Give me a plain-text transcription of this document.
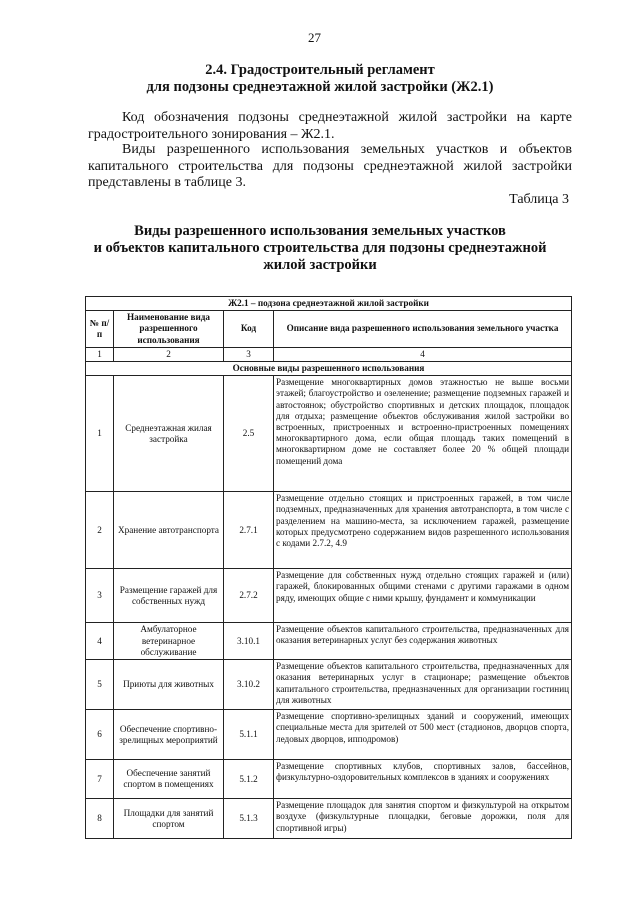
27
2.4. Градостроительный регламент
для подзоны среднеэтажной жилой застройки (Ж2.1)
Код обозначения подзоны среднеэтажной жилой застройки на карте градостроительного зонирования – Ж2.1.
Виды разрешенного использования земельных участков и объектов капитального строительства для подзоны среднеэтажной жилой застройки представлены в таблице 3.
Таблица 3
Виды разрешенного использования земельных участков
и объектов капитального строительства для подзоны среднеэтажной
жилой застройки
Ж2.1 – подзона среднеэтажной жилой застройки			
№ п/п	Наименование вида разрешенного использования	Код	Описание вида разрешенного использования земельного участка
1	2	3	4
Основные виды разрешенного использования			
1	Среднеэтажная жилая застройка	2.5	Размещение многоквартирных домов этажностью не выше восьми этажей; благоустройство и озеленение; размещение подземных гаражей и автостоянок; обустройство спортивных и детских площадок, площадок для отдыха; размещение объектов обслуживания жилой застройки во встроенных, пристроенных и встроенно-пристроенных помещениях многоквартирного дома, если общая площадь таких помещений в многоквартирном доме не составляет более 20 % общей площади помещений дома
2	Хранение автотранспорта	2.7.1	Размещение отдельно стоящих и пристроенных гаражей, в том числе подземных, предназначенных для хранения автотранспорта, в том числе с разделением на машино-места, за исключением гаражей, размещение которых предусмотрено содержанием видов разрешенного использования с кодами 2.7.2, 4.9
3	Размещение гаражей для собственных нужд	2.7.2	Размещение для собственных нужд отдельно стоящих гаражей и (или) гаражей, блокированных общими стенами с другими гаражами в одном ряду, имеющих общие с ними крышу, фундамент и коммуникации
4	Амбулаторное ветеринарное обслуживание	3.10.1	Размещение объектов капитального строительства, предназначенных для оказания ветеринарных услуг без содержания животных
5	Приюты для животных	3.10.2	Размещение объектов капитального строительства, предназначенных для оказания ветеринарных услуг в стационаре; размещение объектов капитального строительства, предназначенных для организации гостиниц для животных
6	Обеспечение спортивно-зрелищных мероприятий	5.1.1	Размещение спортивно-зрелищных зданий и сооружений, имеющих специальные места для зрителей от 500 мест (стадионов, дворцов спорта, ледовых дворцов, ипподромов)
7	Обеспечение занятий спортом в помещениях	5.1.2	Размещение спортивных клубов, спортивных залов, бассейнов, физкультурно-оздоровительных комплексов в зданиях и сооружениях
8	Площадки для занятий спортом	5.1.3	Размещение площадок для занятия спортом и физкультурой на открытом воздухе (физкультурные площадки, беговые дорожки, поля для спортивной игры)
